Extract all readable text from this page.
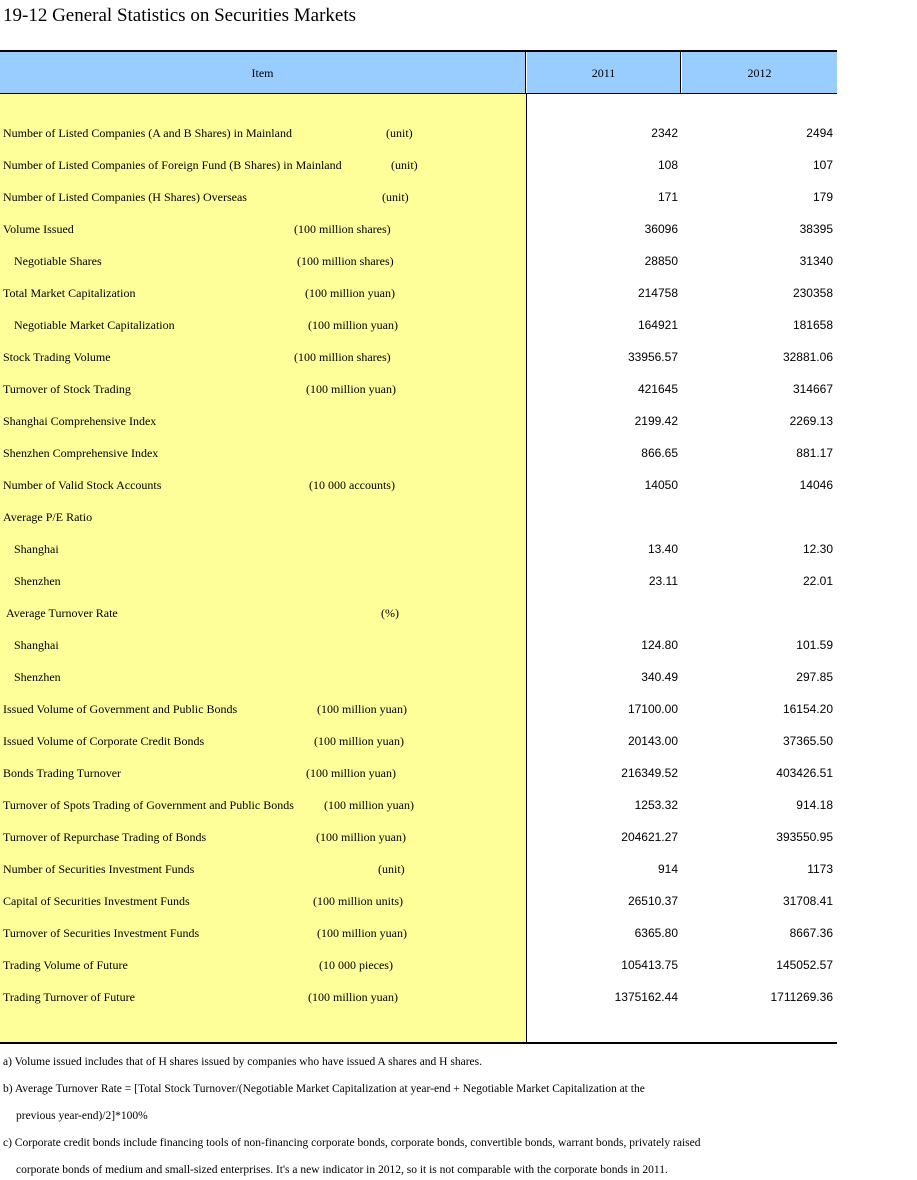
19-12 General Statistics on Securities Markets
Item	2011	2012
Number of Listed Companies (A and B Shares) in Mainland	(unit)	2342	2494
Number of Listed Companies of Foreign Fund (B Shares) in Mainland	(unit)	108	107
Number of Listed Companies (H Shares) Overseas	(unit)	171	179
Volume Issued	(100 million shares)	36096	38395
Negotiable Shares	(100 million shares)	28850	31340
Total Market Capitalization	(100 million yuan)	214758	230358
Negotiable Market Capitalization	(100 million yuan)	164921	181658
Stock Trading Volume	(100 million shares)	33956.57	32881.06
Turnover of Stock Trading	(100 million yuan)	421645	314667
Shanghai Comprehensive Index	2199.42	2269.13
Shenzhen Comprehensive Index	866.65	881.17
Number of Valid Stock Accounts	(10 000 accounts)	14050	14046
Average P/E Ratio
Shanghai	13.40	12.30
Shenzhen	23.11	22.01
Average Turnover Rate	(%)
Shanghai	124.80	101.59
Shenzhen	340.49	297.85
Issued Volume of Government and Public Bonds	(100 million yuan)	17100.00	16154.20
Issued Volume of Corporate Credit Bonds	(100 million yuan)	20143.00	37365.50
Bonds Trading Turnover	(100 million yuan)	216349.52	403426.51
Turnover of Spots Trading of Government and Public Bonds	(100 million yuan)	1253.32	914.18
Turnover of Repurchase Trading of Bonds	(100 million yuan)	204621.27	393550.95
Number of Securities Investment Funds	(unit)	914	1173
Capital of Securities Investment Funds	(100 million units)	26510.37	31708.41
Turnover of Securities Investment Funds	(100 million yuan)	6365.80	8667.36
Trading Volume of Future	(10 000 pieces)	105413.75	145052.57
Trading Turnover of Future	(100 million yuan)	1375162.44	1711269.36
a) Volume issued includes that of H shares issued by companies who have issued A shares and H shares.
b) Average Turnover Rate = [Total Stock Turnover/(Negotiable Market Capitalization at year-end + Negotiable Market Capitalization at the
previous year-end)/2]*100%
c) Corporate credit bonds include financing tools of non-financing corporate bonds, corporate bonds, convertible bonds, warrant bonds, privately raised
corporate bonds of medium and small-sized enterprises. It's a new indicator in 2012, so it is not comparable with the corporate bonds in 2011.
